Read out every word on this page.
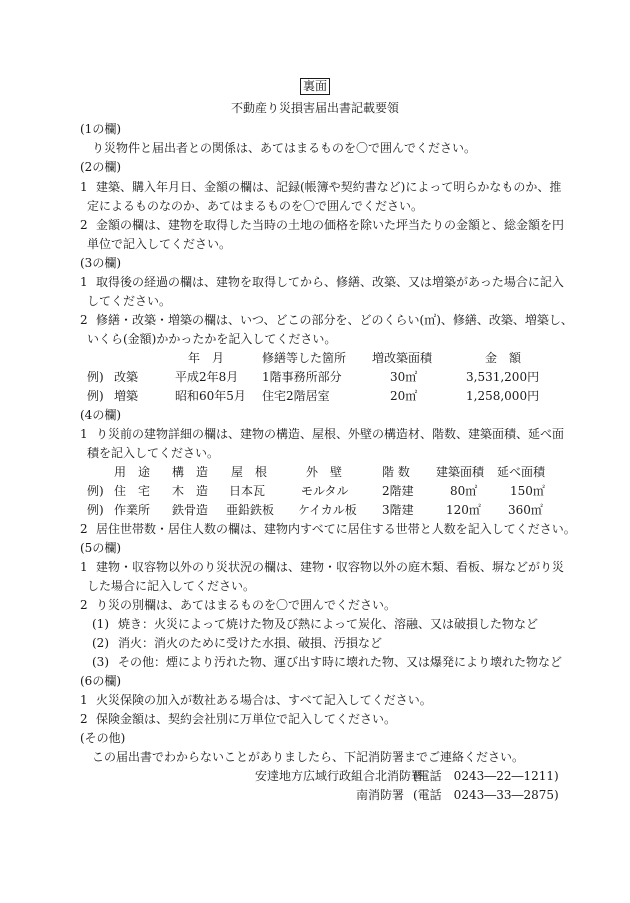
裏面
不動産り災損害届出書記載要領
(1の欄)
り災物件と届出者との関係は、あてはまるものを〇で囲んでください。
(2の欄)
1 建築、購入年月日、金額の欄は、記録(帳簿や契約書など)によって明らかなものか、推
定によるものなのか、あてはまるものを〇で囲んでください。
2 金額の欄は、建物を取得した当時の土地の価格を除いた坪当たりの金額と、総金額を円
単位で記入してください。
(3の欄)
1 取得後の経過の欄は、建物を取得してから、修繕、改築、又は増築があった場合に記入
してください。
2 修繕・改築・増築の欄は、いつ、どこの部分を、どのくらい(㎡)、修繕、改築、増築し、
いくら(金額)かかったかを記入してください。
年　月	修繕等した箇所 増改築面積	金　額
例) 改築	平成2年8月 1階事務所部分	30㎡	3,531,200円
例) 増築	昭和60年5月 住宅2階居室	20㎡	1,258,000円
(4の欄)
1 り災前の建物詳細の欄は、建物の構造、屋根、外壁の構造材、階数、建築面積、延べ面
積を記入してください。
用　途 構　造 屋　根	外　壁	階 数 建築面積 延べ面積
例) 住　宅 木　造 日本瓦	モルタル	2階建	80㎡	150㎡
例) 作業所 鉄骨造 亜鉛鉄板 ケイカル板 3階建	120㎡ 360㎡
2 居住世帯数・居住人数の欄は、建物内すべてに居住する世帯と人数を記入してください。
(5の欄)
1 建物・収容物以外のり災状況の欄は、建物・収容物以外の庭木類、看板、塀などがり災
した場合に記入してください。
2 り災の別欄は、あてはまるものを〇で囲んでください。
(1) 焼き：火災によって焼けた物及び熱によって炭化、溶融、又は破損した物など
(2) 消火：消火のために受けた水損、破損、汚損など
(3) その他：煙により汚れた物、運び出す時に壊れた物、又は爆発により壊れた物など
(6の欄)
1 火災保険の加入が数社ある場合は、すべて記入してください。
2 保険金額は、契約会社別に万単位で記入してください。
(その他)
この届出書でわからないことがありましたら、下記消防署までご連絡ください。
安達地方広域行政組合北消防署
(電話　0243―22―1211)
南消防署 (電話　0243―33―2875)
